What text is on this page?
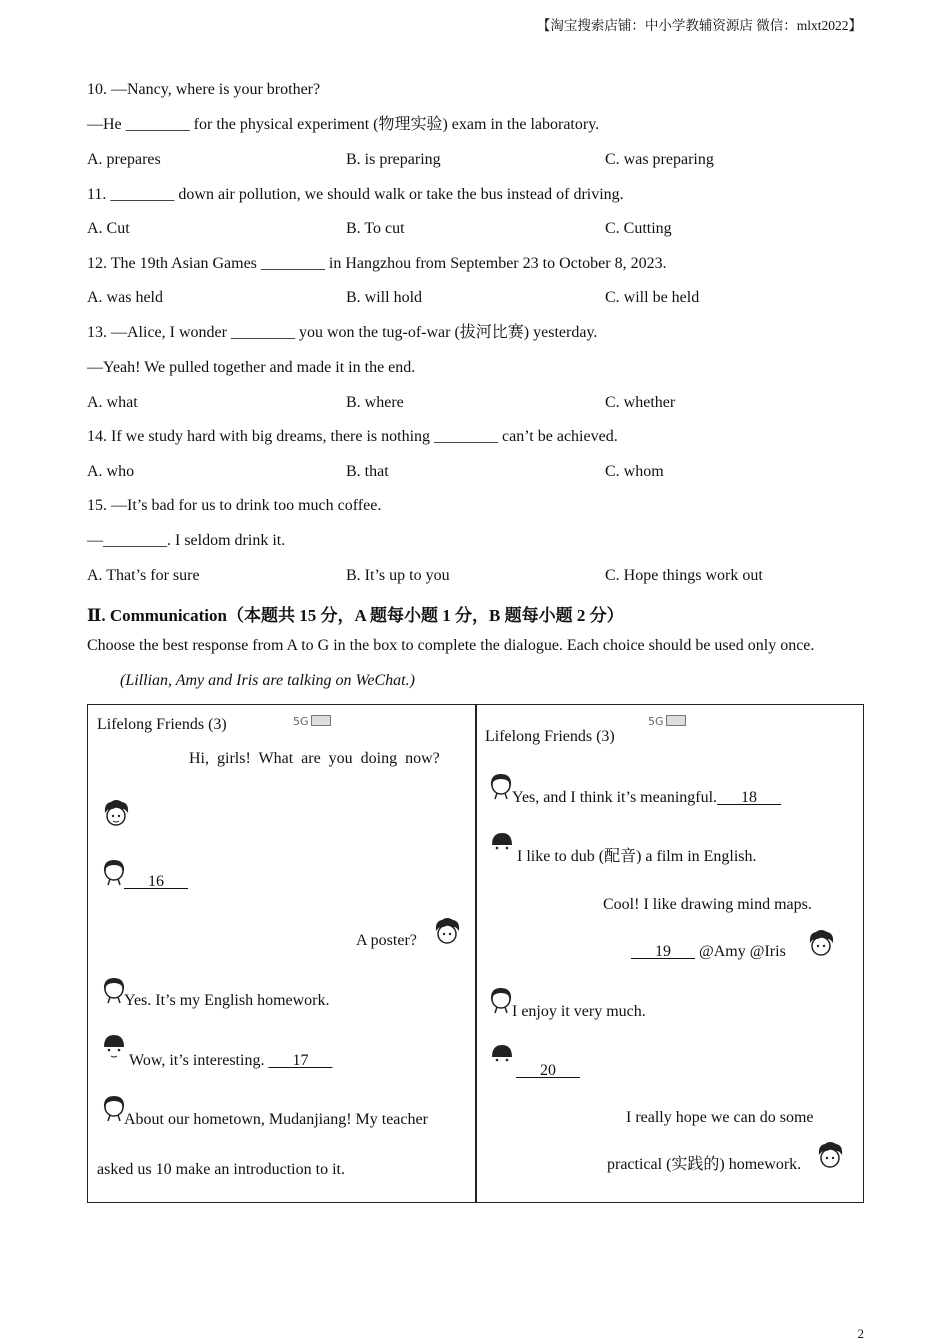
【淘宝搜索店铺：中小学教辅资源店 微信：mlxt2022】
10. —Nancy, where is your brother?
—He ________ for the physical experiment (物理实验) exam in the laboratory.
A. prepares	B. is preparing	C. was preparing
11. ________ down air pollution, we should walk or take the bus instead of driving.
A. Cut	B. To cut	C. Cutting
12. The 19th Asian Games ________ in Hangzhou from September 23 to October 8, 2023.
A. was held	B. will hold	C. will be held
13. —Alice, I wonder ________ you won the tug-of-war (拔河比赛) yesterday.
—Yeah! We pulled together and made it in the end.
A. what	B. where	C. whether
14. If we study hard with big dreams, there is nothing ________ can’t be achieved.
A. who	B. that	C. whom
15. —It’s bad for us to drink too much coffee.
—________. I seldom drink it.
A. That’s for sure	B. It’s up to you	C. Hope things work out
Ⅱ. Communication（本题共 15 分，A 题每小题 1 分，B 题每小题 2 分）
Choose the best response from A to G in the box to complete the dialogue. Each choice should be used only once.
(Lillian, Amy and Iris are talking on WeChat.)
Lifelong Friends (3)	5G
Hi, girls! What are you doing now?
16
A poster?
Yes. It’s my English homework.
Wow, it’s interesting. 17
About our hometown, Mudanjiang! My teacher
asked us 10 make an introduction to it.
Lifelong Friends (3)
5G
Yes, and I think it’s meaningful. 18
I like to dub (配音) a film in English.
Cool! I like drawing mind maps.
19 @Amy @Iris
I enjoy it very much.
20
I really hope we can do some
practical (实践的) homework.
2
